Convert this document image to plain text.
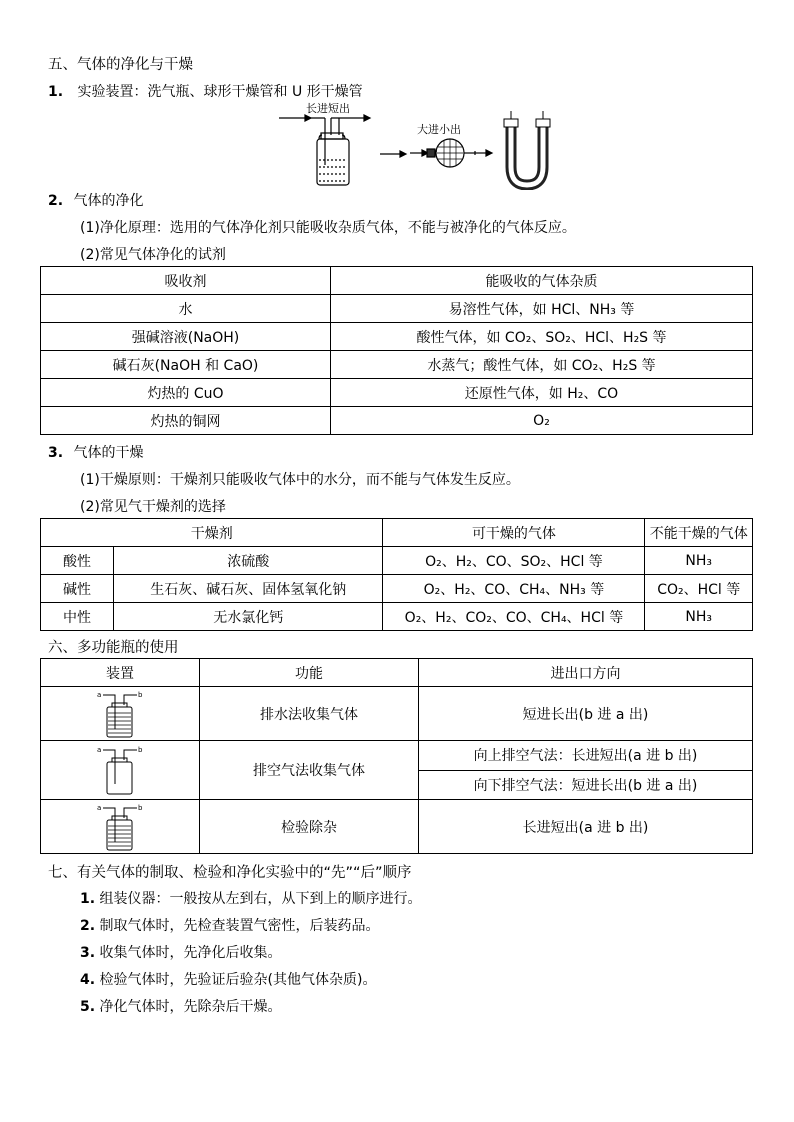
五、气体的净化与干燥
1. 实验装置：洗气瓶、球形干燥管和 U 形干燥管
长进短出
大进小出
2. 气体的净化
(1)净化原理：选用的气体净化剂只能吸收杂质气体，不能与被净化的气体反应。
(2)常见气体净化的试剂
吸收剂	能吸收的气体杂质
水	易溶性气体，如 HCl、NH₃ 等
强碱溶液(NaOH)	酸性气体，如 CO₂、SO₂、HCl、H₂S 等
碱石灰(NaOH 和 CaO)	水蒸气；酸性气体，如 CO₂、H₂S 等
灼热的 CuO	还原性气体，如 H₂、CO
灼热的铜网	O₂
3. 气体的干燥
(1)干燥原则：干燥剂只能吸收气体中的水分，而不能与气体发生反应。
(2)常见气干燥剂的选择
干燥剂		可干燥的气体	不能干燥的气体
酸性	浓硫酸	O₂、H₂、CO、SO₂、HCl 等	NH₃
碱性	生石灰、碱石灰、固体氢氧化钠	O₂、H₂、CO、CH₄、NH₃ 等	CO₂、HCl 等
中性	无水氯化钙	O₂、H₂、CO₂、CO、CH₄、HCl 等	NH₃
六、多功能瓶的使用
装置	功能	进出口方向

a b	排水法收集气体	短进长出(b 进 a 出)

a b	排空气法收集气体	向上排空气法：长进短出(a 进 b 出)
		向下排空气法：短进长出(b 进 a 出)

a b	检验除杂	长进短出(a 进 b 出)
七、有关气体的制取、检验和净化实验中的“先”“后”顺序
1. 组装仪器：一般按从左到右，从下到上的顺序进行。
2. 制取气体时，先检查装置气密性，后装药品。
3. 收集气体时，先净化后收集。
4. 检验气体时，先验证后验杂(其他气体杂质)。
5. 净化气体时，先除杂后干燥。
